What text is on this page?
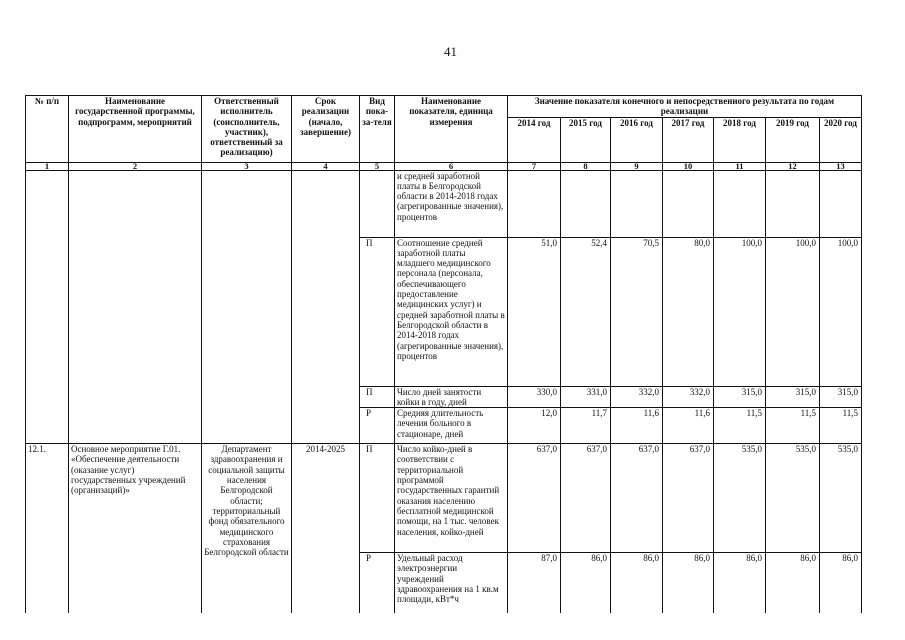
41
№ п/п	Наименование государственной программы, подпрограмм, мероприятий	Ответственный исполнитель (соисполнитель, участник), ответственный за реализацию)	Срок реализации (начало, завершение)	Вид пока-за-теля	Наименование показателя, единица измерения	Значение показателя конечного и непосредственного результата по годам реализации						
						2014 год	2015 год	2016 год	2017 год	2018 год	2019 год	2020 год
1	2	3	4	5	6	7	8	9	10	11	12	13
					и средней заработной платы в Белгородской области в 2014-2018 годах (агрегированные значения), процентов							
				П	Соотношение средней заработной платы младшего медицинского персонала (персонала, обеспечивающего предоставление медицинских услуг) и средней заработной платы в Белгородской области в 2014-2018 годах (агрегированные значения), процентов	51,0	52,4	70,5	80,0	100,0	100,0	100,0
				П	Число дней занятости койки в году, дней	330,0	331,0	332,0	332,0	315,0	315,0	315,0
				Р	Средняя длительность лечения больного в стационаре, дней	12,0	11,7	11,6	11,6	11,5	11,5	11,5
12.1.	Основное мероприятие Г.01. «Обеспечение деятельности (оказание услуг) государственных учреждений (организаций)»	Департамент здравоохранения и социальной защиты населения Белгородской области; территориальный фонд обязательного медицинского страхования Белгородской области	2014-2025	П	Число койко-дней в соответствии с территориальной программой государственных гарантий оказания населению бесплатной медицинской помощи, на 1 тыс. человек населения, койко-дней	637,0	637,0	637,0	637,0	535,0	535,0	535,0
				Р	Удельный расход электроэнергии учреждений здравоохранения на 1 кв.м площади, кВт*ч	87,0	86,0	86,0	86,0	86,0	86,0	86,0
